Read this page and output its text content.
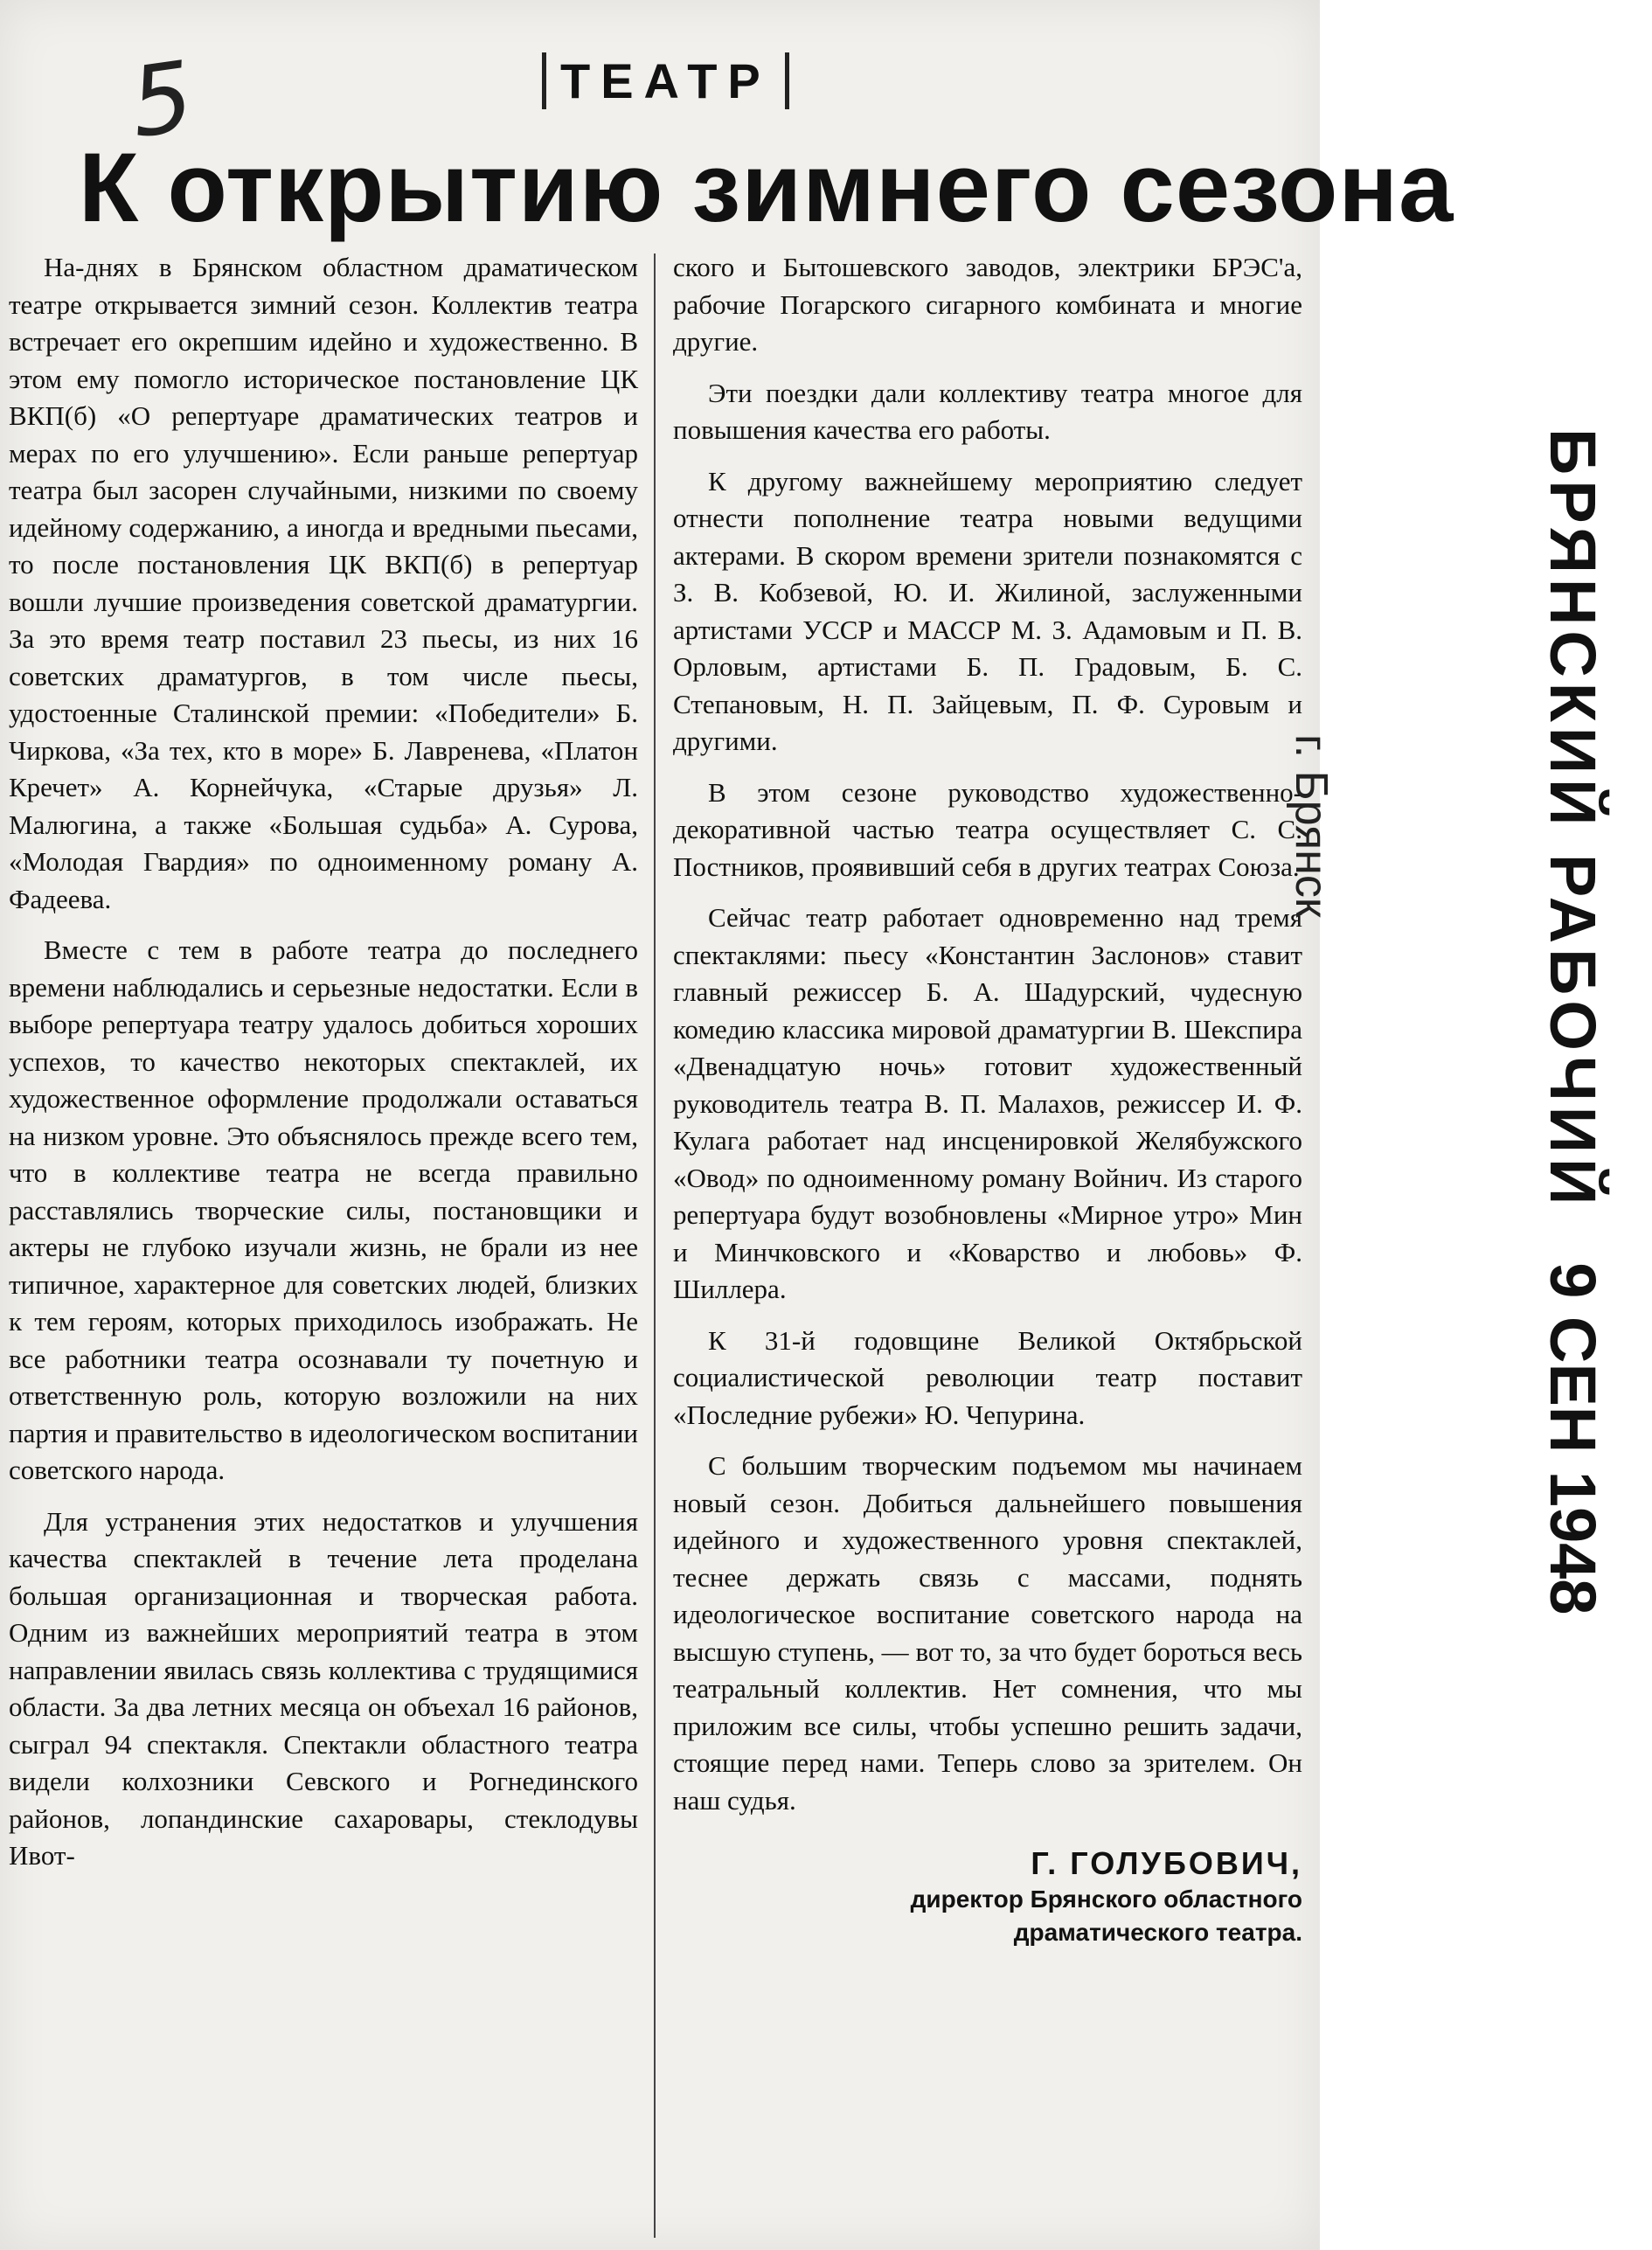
5	ТЕАТР
К открытию зимнего сезона

На-днях в Брянском областном драматическом театре открывается зимний сезон. Коллектив театра встречает его окрепшим идейно и художественно. В этом ему помогло историческое постановление ЦК ВКП(б) «О репертуаре драматических театров и мерах по его улучшению». Если раньше репертуар театра был засорен случайными, низкими по своему идейному содержанию, а иногда и вредными пьесами, то после постановления ЦК ВКП(б) в репертуар вошли лучшие произведения советской драматургии. За это время театр поставил 23 пьесы, из них 16 советских драматургов, в том числе пьесы, удостоенные Сталинской премии: «Победители» Б. Чиркова, «За тех, кто в море» Б. Лавренева, «Платон Кречет» А. Корнейчука, «Старые друзья» Л. Малюгина, а также «Большая судьба» А. Сурова, «Молодая Гвардия» по одноименному роману А. Фадеева.

Вместе с тем в работе театра до последнего времени наблюдались и серьезные недостатки. Если в выборе репертуара театру удалось добиться хороших успехов, то качество некоторых спектаклей, их художественное оформление продолжали оставаться на низком уровне. Это объяснялось прежде всего тем, что в коллективе театра не всегда правильно расставлялись творческие силы, постановщики и актеры не глубоко изучали жизнь, не брали из нее типичное, характерное для советских людей, близких к тем героям, которых приходилось изображать. Не все работники театра осознавали ту почетную и ответственную роль, которую возложили на них партия и правительство в идеологическом воспитании советского народа.

Для устранения этих недостатков и улучшения качества спектаклей в течение лета проделана большая организационная и творческая работа. Одним из важнейших мероприятий театра в этом направлении явилась связь коллектива с трудящимися области. За два летних месяца он объехал 16 районов, сыграл 94 спектакля. Спектакли областного театра видели колхозники Севского и Рогнединского районов, лопандинские сахаровары, стеклодувы Ивот-

ского и Бытошевского заводов, электрики БРЭС'а, рабочие Погарского сигарного комбината и многие другие.

Эти поездки дали коллективу театра многое для повышения качества его работы.

К другому важнейшему мероприятию следует отнести пополнение театра новыми ведущими актерами. В скором времени зрители познакомятся с З. В. Кобзевой, Ю. И. Жилиной, заслуженными артистами УССР и МАССР М. З. Адамовым и П. В. Орловым, артистами Б. П. Градовым, Б. С. Степановым, Н. П. Зайцевым, П. Ф. Суровым и другими.

В этом сезоне руководство художественно-декоративной частью театра осуществляет С. С. Постников, проявивший себя в других театрах Союза.

Сейчас театр работает одновременно над тремя спектаклями: пьесу «Константин Заслонов» ставит главный режиссер Б. А. Шадурский, чудесную комедию классика мировой драматургии В. Шекспира «Двенадцатую ночь» готовит художественный руководитель театра В. П. Малахов, режиссер И. Ф. Кулага работает над инсценировкой Желябужского «Овод» по одноименному роману Войнич. Из старого репертуара будут возобновлены «Мирное утро» Мин и Минчковского и «Коварство и любовь» Ф. Шиллера.

К 31-й годовщине Великой Октябрьской социалистической революции театр поставит «Последние рубежи» Ю. Чепурина.

С большим творческим подъемом мы начинаем новый сезон. Добиться дальнейшего повышения идейного и художественного уровня спектаклей, теснее держать связь с массами, поднять идеологическое воспитание советского народа на высшую ступень, — вот то, за что будет бороться весь театральный коллектив. Нет сомнения, что мы приложим все силы, чтобы успешно решить задачи, стоящие перед нами. Теперь слово за зрителем. Он наш судья.

Г. ГОЛУБОВИЧ,
директор Брянского областного
драматического театра.
БРЯНСКИЙ РАБОЧИЙ
9 СЕН 1948
г. Брянск
